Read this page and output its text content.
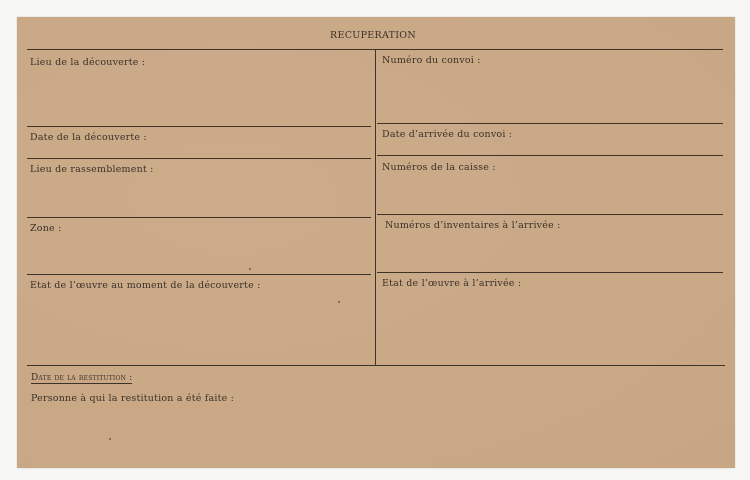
RECUPERATION
Lieu de la découverte :
Date de la découverte :
Lieu de rassemblement :
Zone :
Etat de l’œuvre au moment de la découverte :
Numéro du convoi :
Date d’arrivée du convoi :
Numéros de la caisse :
Numéros d’inventaires à l’arrivée :
Etat de l’œuvre à l’arrivée :
Date de la restitution :
Personne à qui la restitution a été faite :
